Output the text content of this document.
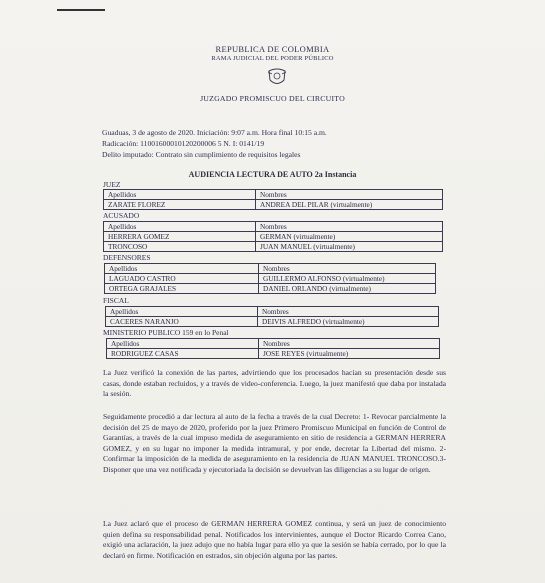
REPUBLICA DE COLOMBIA
RAMA JUDICIAL DEL PODER PÚBLICO
JUZGADO PROMISCUO DEL CIRCUITO
Guaduas, 3 de agosto de 2020. Iniciación: 9:07 a.m. Hora final 10:15 a.m.
Radicación: 11001600010120200006 5 N. I: 0141/19
Delito imputado: Contrato sin cumplimiento de requisitos legales
AUDIENCIA LECTURA DE AUTO 2a Instancia
JUEZ
Apellidos	Nombres
ZARATE FLOREZ	ANDREA DEL PILAR (virtualmente)
ACUSADO
Apellidos	Nombres
HERRERA GOMEZ	GERMAN (virtualmente)
TRONCOSO	JUAN MANUEL (virtualmente)
DEFENSORES
Apellidos	Nombres
LAGUADO CASTRO	GUILLERMO ALFONSO (virtualmente)
ORTEGA GRAJALES	DANIEL ORLANDO (virtualmente)
FISCAL
Apellidos	Nombres
CACERES NARANJO	DEIVIS ALFREDO (virtualmente)
MINISTERIO PUBLICO 159 en lo Penal
Apellidos	Nombres
RODRIGUEZ CASAS	JOSE REYES (virtualmente)
La Juez verificó la conexión de las partes, advirtiendo que los procesados hacían su presentación desde sus casas, donde estaban recluidos, y a través de video-conferencia. Luego, la juez manifestó que daba por instalada la sesión.
Seguidamente procedió a dar lectura al auto de la fecha a través de la cual Decreto: 1- Revocar parcialmente la decisión del 25 de mayo de 2020, proferido por la juez Primero Promiscuo Municipal en función de Control de Garantías, a través de la cual impuso medida de aseguramiento en sitio de residencia a GERMAN HERRERA GOMEZ, y en su lugar no imponer la medida intramural, y por ende, decretar la Libertad del mismo. 2- Confirmar la imposición de la medida de aseguramiento en la residencia de JUAN MANUEL TRONCOSO.3-Disponer que una vez notificada y ejecutoriada la decisión se devuelvan las diligencias a su lugar de origen.
La Juez aclaró que el proceso de GERMAN HERRERA GOMEZ continua, y será un juez de conocimiento quien defina su responsabilidad penal. Notificados los intervinientes, aunque el Doctor Ricardo Correa Cano, exigió una aclaración, la juez adujo que no había lugar para ello ya que la sesión se había cerrado, por lo que la declaró en firme. Notificación en estrados, sin objeción alguna por las partes.
